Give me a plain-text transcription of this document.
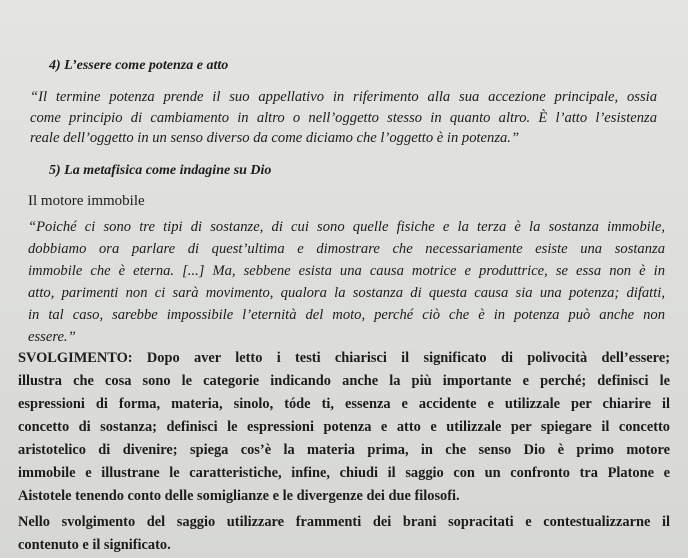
4) L’essere come potenza e atto
“Il termine potenza prende il suo appellativo in riferimento alla sua accezione principale, ossia
come principio di cambiamento in altro o nell’oggetto stesso in quanto altro. È l’atto l’esistenza
reale dell’oggetto in un senso diverso da come diciamo che l’oggetto è in potenza.”
5) La metafisica come indagine su Dio
Il motore immobile
“Poiché ci sono tre tipi di sostanze, di cui sono quelle fisiche e la terza è la sostanza immobile,
dobbiamo ora parlare di quest’ultima e dimostrare che necessariamente esiste una sostanza
immobile che è eterna. [...] Ma, sebbene esista una causa motrice e produttrice, se essa non è in
atto, parimenti non ci sarà movimento, qualora la sostanza di questa causa sia una potenza; difatti,
in tal caso, sarebbe impossibile l’eternità del moto, perché ciò che è in potenza può anche non
essere.”
SVOLGIMENTO: Dopo aver letto i testi chiarisci il significato di polivocità dell’essere;
illustra che cosa sono le categorie indicando anche la più importante e perché; definisci le
espressioni di forma, materia, sinolo, tóde ti, essenza e accidente e utilizzale per chiarire il
concetto di sostanza; definisci le espressioni potenza e atto e utilizzale per spiegare il concetto
aristotelico di divenire; spiega cos’è la materia prima, in che senso Dio è primo motore
immobile e illustrane le caratteristiche, infine, chiudi il saggio con un confronto tra Platone e
Aistotele tenendo conto delle somiglianze e le divergenze dei due filosofi.
Nello svolgimento del saggio utilizzare frammenti dei brani sopracitati e contestualizzarne il
contenuto e il significato.
